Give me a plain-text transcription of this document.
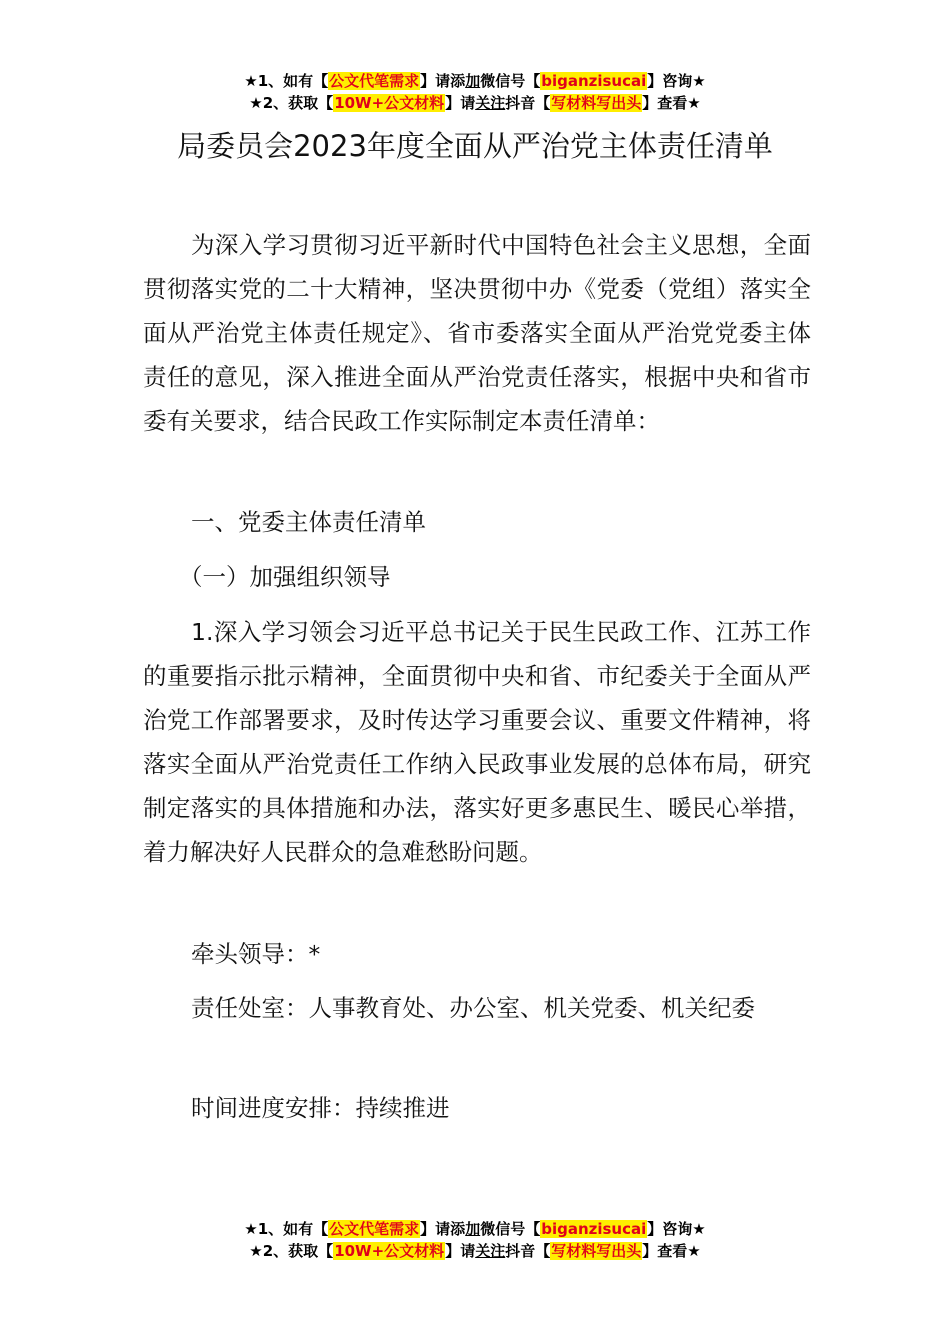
★1、如有【公文代笔需求】请添加微信号【biganzisucai】咨询★
★2、获取【10W+公文材料】请关注抖音【写材料写出头】查看★
局委员会2023年度全面从严治党主体责任清单

为深入学习贯彻习近平新时代中国特色社会主义思想，全面贯彻落实党的二十大精神，坚决贯彻中办《党委（党组）落实全面从严治党主体责任规定》、省市委落实全面从严治党党委主体责任的意见，深入推进全面从严治党责任落实，根据中央和省市委有关要求，结合民政工作实际制定本责任清单：

一、党委主体责任清单

（一）加强组织领导

1.深入学习领会习近平总书记关于民生民政工作、江苏工作的重要指示批示精神，全面贯彻中央和省、市纪委关于全面从严治党工作部署要求，及时传达学习重要会议、重要文件精神，将落实全面从严治党责任工作纳入民政事业发展的总体布局，研究制定落实的具体措施和办法，落实好更多惠民生、暖民心举措，着力解决好人民群众的急难愁盼问题。

牵头领导：*

责任处室：人事教育处、办公室、机关党委、机关纪委

时间进度安排：持续推进

★1、如有【公文代笔需求】请添加微信号【biganzisucai】咨询★
★2、获取【10W+公文材料】请关注抖音【写材料写出头】查看★
